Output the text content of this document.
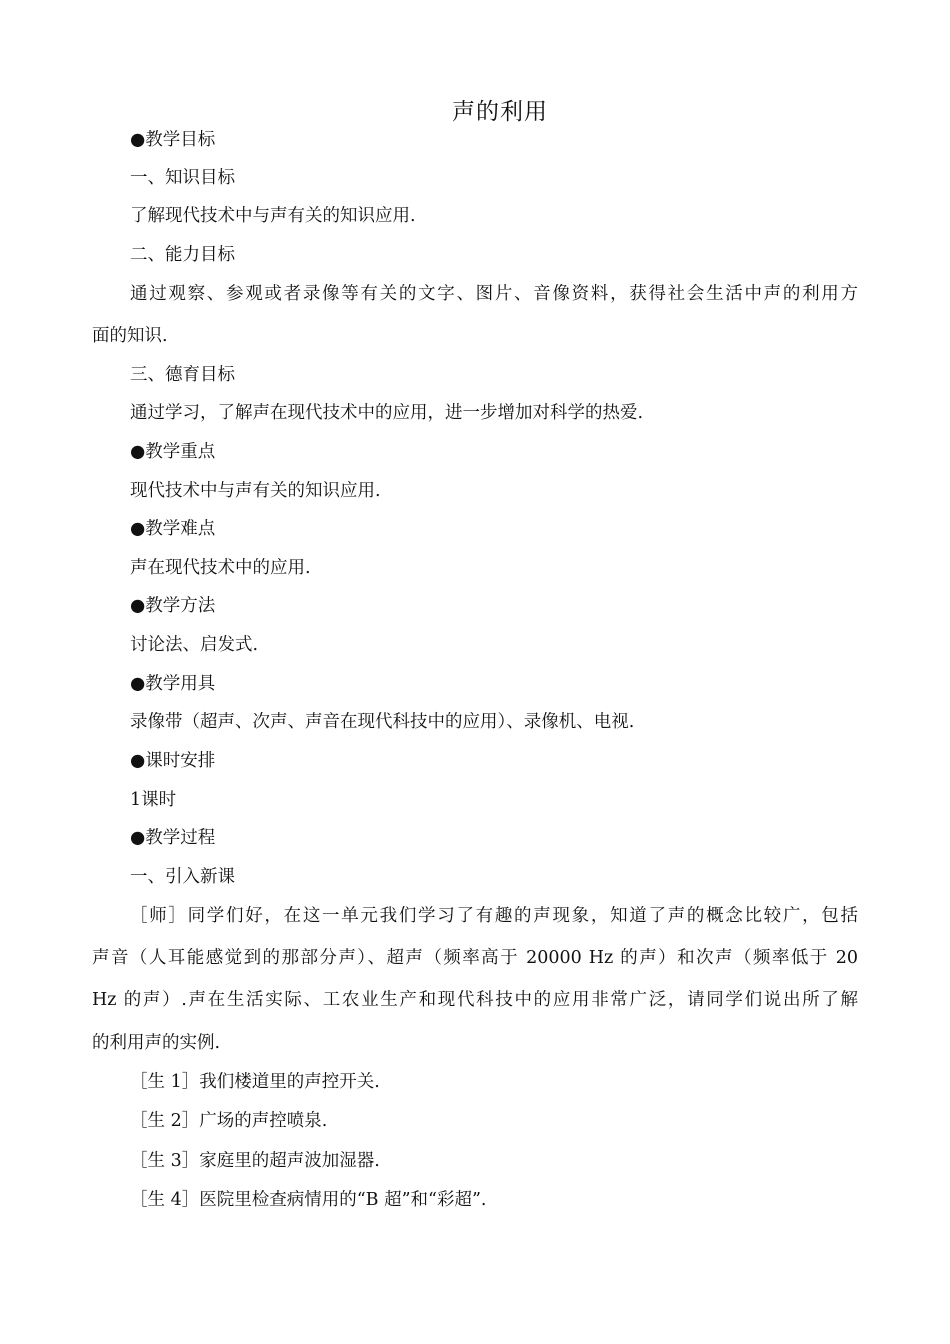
声的利用

●教学目标

一、知识目标

了解现代技术中与声有关的知识应用.

二、能力目标

通过观察、参观或者录像等有关的文字、图片、音像资料，获得社会生活中声的利用方

面的知识.

三、德育目标

通过学习，了解声在现代技术中的应用，进一步增加对科学的热爱.

●教学重点

现代技术中与声有关的知识应用.

●教学难点

声在现代技术中的应用.

●教学方法

讨论法、启发式.

●教学用具

录像带（超声、次声、声音在现代科技中的应用）、录像机、电视.

●课时安排

1课时

●教学过程

一、引入新课

［师］同学们好，在这一单元我们学习了有趣的声现象，知道了声的概念比较广，包括

声音（人耳能感觉到的那部分声）、超声（频率高于 20000 Hz 的声）和次声（频率低于 20

Hz 的声）.声在生活实际、工农业生产和现代科技中的应用非常广泛，请同学们说出所了解

的利用声的实例.

［生 1］我们楼道里的声控开关.

［生 2］广场的声控喷泉.

［生 3］家庭里的超声波加湿器.

［生 4］医院里检查病情用的“B 超”和“彩超”.
